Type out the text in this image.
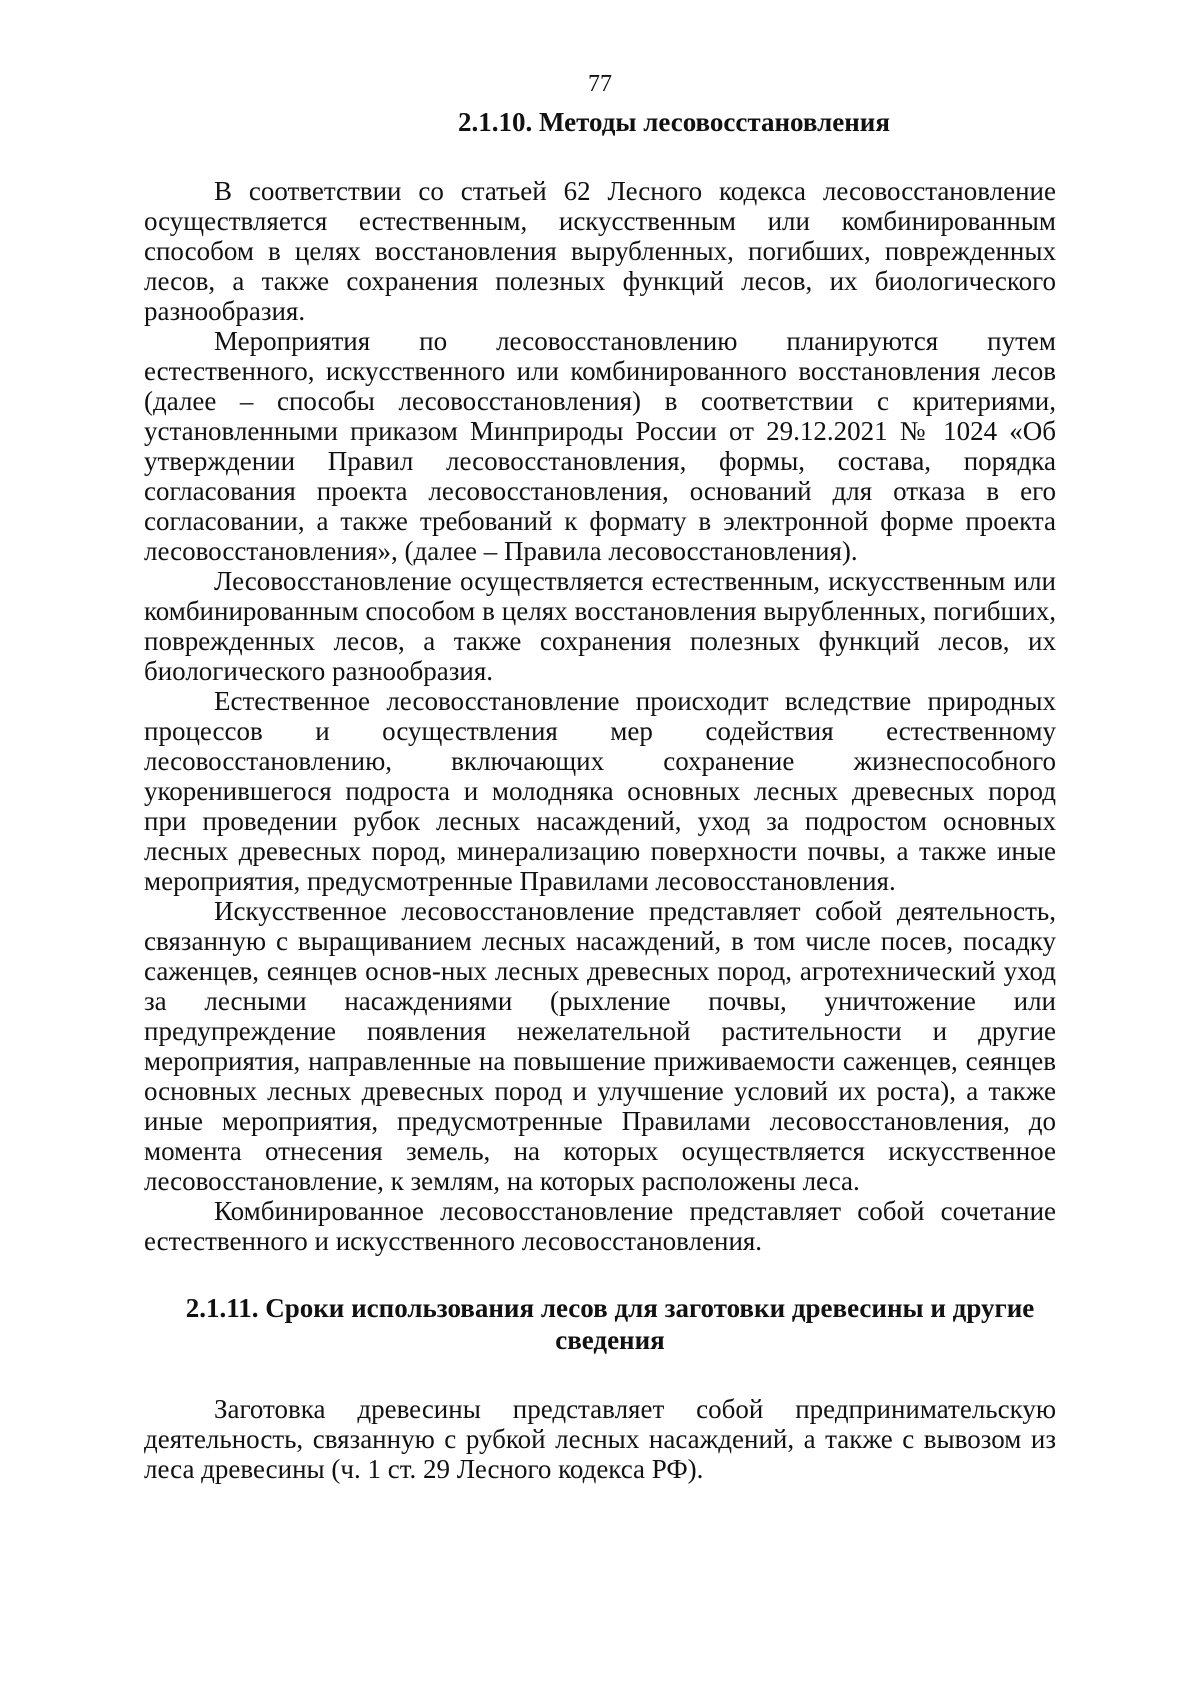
77
2.1.10. Методы лесовосстановления

В соответствии со статьей 62 Лесного кодекса лесовосстановление осуществляется естественным, искусственным или комбинированным способом в целях восстановления вырубленных, погибших, поврежденных лесов, а также сохранения полезных функций лесов, их биологического разнообразия.

Мероприятия по лесовосстановлению планируются путем естественного, искусственного или комбинированного восстановления лесов (далее – способы лесовосстановления) в соответствии с критериями, установленными приказом Минприроды России от 29.12.2021 № 1024 «Об утверждении Правил лесовосстановления, формы, состава, порядка согласования проекта лесовосстановления, оснований для отказа в его согласовании, а также требований к формату в электронной форме проекта лесовосстановления», (далее – Правила лесовосстановления).

Лесовосстановление осуществляется естественным, искусственным или комбинированным способом в целях восстановления вырубленных, погибших, поврежденных лесов, а также сохранения полезных функций лесов, их биологического разнообразия.

Естественное лесовосстановление происходит вследствие природных процессов и осуществления мер содействия естественному лесовосстановлению, включающих сохранение жизнеспособного укоренившегося подроста и молодняка основных лесных древесных пород при проведении рубок лесных насаждений, уход за подростом основных лесных древесных пород, минерализацию поверхности почвы, а также иные мероприятия, предусмотренные Правилами лесовосстановления.

Искусственное лесовосстановление представляет собой деятельность, связанную с выращиванием лесных насаждений, в том числе посев, посадку саженцев, сеянцев основ-ных лесных древесных пород, агротехнический уход за лесными насаждениями (рыхление почвы, уничтожение или предупреждение появления нежелательной растительности и другие мероприятия, направленные на повышение приживаемости саженцев, сеянцев основных лесных древесных пород и улучшение условий их роста), а также иные мероприятия, предусмотренные Правилами лесовосстановления, до момента отнесения земель, на которых осуществляется искусственное лесовосстановление, к землям, на которых расположены леса.

Комбинированное лесовосстановление представляет собой сочетание естественного и искусственного лесовосстановления.

2.1.11. Сроки использования лесов для заготовки древесины и другие сведения

Заготовка древесины представляет собой предпринимательскую деятельность, связанную с рубкой лесных насаждений, а также с вывозом из леса древесины (ч. 1 ст. 29 Лесного кодекса РФ).
